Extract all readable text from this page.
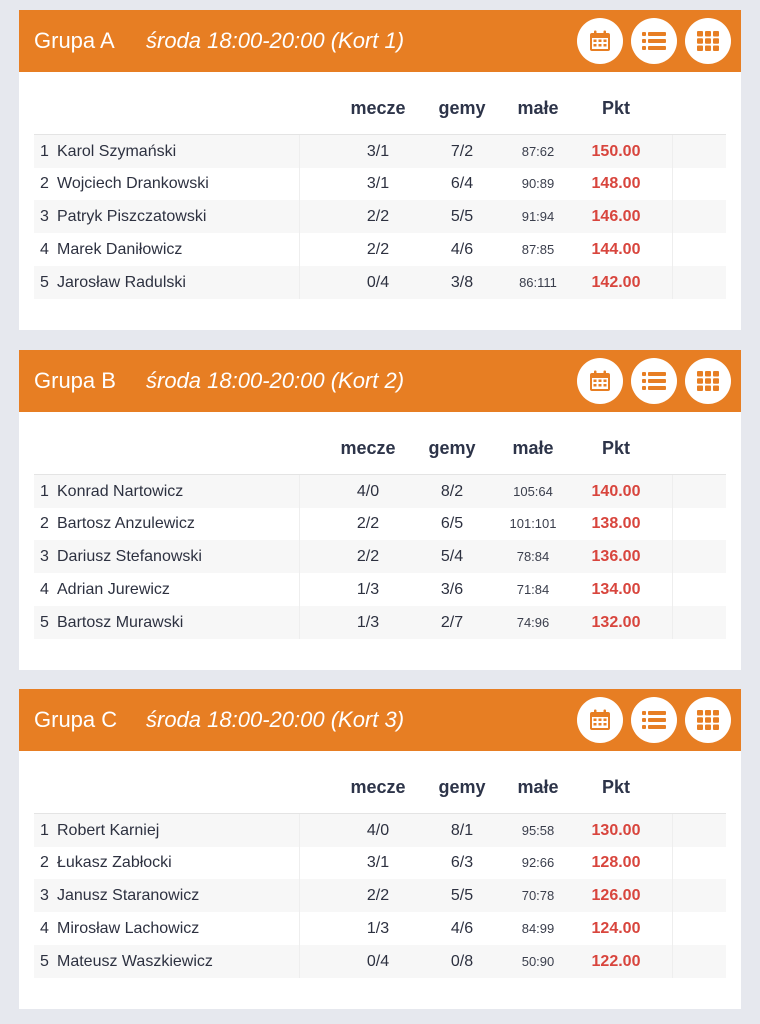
Grupa A	środa 18:00-20:00 (Kort 1)
mecze	gemy	małe	Pkt
1 Karol Szymański	3/1	7/2	87:62	150.00
2 Wojciech Drankowski	3/1	6/4	90:89	148.00
3 Patryk Piszczatowski	2/2	5/5	91:94	146.00
4 Marek Daniłowicz	2/2	4/6	87:85	144.00
5 Jarosław Radulski	0/4	3/8	86:111	142.00
Grupa B	środa 18:00-20:00 (Kort 2)
mecze	gemy	małe	Pkt
1 Konrad Nartowicz	4/0	8/2	105:64	140.00
2 Bartosz Anzulewicz	2/2	6/5	101:101	138.00
3 Dariusz Stefanowski	2/2	5/4	78:84	136.00
4 Adrian Jurewicz	1/3	3/6	71:84	134.00
5 Bartosz Murawski	1/3	2/7	74:96	132.00
Grupa C	środa 18:00-20:00 (Kort 3)
mecze	gemy	małe	Pkt
1 Robert Karniej	4/0	8/1	95:58	130.00
2 Łukasz Zabłocki	3/1	6/3	92:66	128.00
3 Janusz Staranowicz	2/2	5/5	70:78	126.00
4 Mirosław Lachowicz	1/3	4/6	84:99	124.00
5 Mateusz Waszkiewicz	0/4	0/8	50:90	122.00
